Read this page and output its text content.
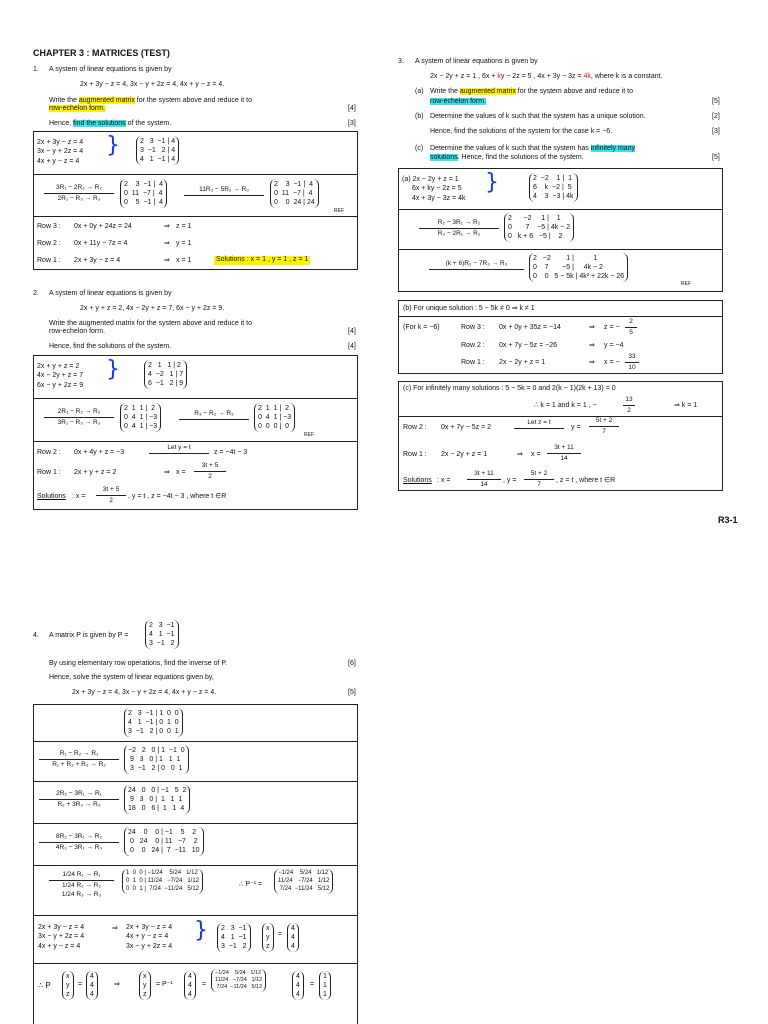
CHAPTER 3 : MATRICES (TEST)
1. A system of linear equations is given by
2x + 3y − z = 4, 3x − y + 2z = 4, 4x + y − z = 4.
Write the augmented matrix for the system above and reduce it to
row-echelon form.	[4]
Hence, find the solutions of the system.	[3]
2x + 3y − z = 4
3x − y + 2z = 4
4x + y − z = 4
}	2   3  −1 | 4
3  −1   2 | 4
4   1  −1 | 4
3R₁ − 2R₂ → R₂
2R₁ − R₃ → R₃
2    3  −1 |  4
0  11  −7 |  4
0    5  −1 |  4
11R₃ − 5R₂ → R₃
2    3  −1 |  4
0  11  −7 |  4
0    0  24 | 24
REF
Row 3 : 0x + 0y + 24z = 24	⇒ z = 1
Row 2 : 0x + 11y − 7z = 4	⇒ y = 1
Row 1 : 2x + 3y − z = 4	⇒ x = 1	Solutions : x = 1 , y = 1 , z = 1
2. A system of linear equations is given by
2x + y + z = 2, 4x − 2y + z = 7, 6x − y + 2z = 9.
Write the augmented matrix for the system above and reduce it to
row-echelon form.	[4]
Hence, find the solutions of the system.	[4]
2x + y + z = 2
4x − 2y + z = 7
6x − y + 2z = 9
}	2   1   1 | 2
4  −2   1 | 7
6  −1   2 | 9
2R₁ − R₂ → R₂
3R₁ − R₃ → R₃
2  1  1 |  2
0  4  1 | −3
0  4  1 | −3
R₃ − R₂ → R₃
2  1  1 |  2
0  4  1 | −3
0  0  0 |  0
REF
Row 2 : 0x + 4y + z = −3
Let y = t
z = −4t − 3
Row 1 : 2x + y + z = 2	⇒ x =
3t + 5
2
Solutions : x =
3t + 5
2
, y = t , z = −4t − 3 , where t ∈R
3. A system of linear equations is given by
2x − 2y + z = 1 , 6x + ky − 2z = 5 , 4x + 3y − 3z = 4k, where k is a constant.
(a) Write the augmented matrix for the system above and reduce it to
row-echelon form.	[5]
(b) Determine the values of k such that the system has a unique solution.	[2]
Hence, find the solutions of the system for the case k = −6.	[3]
(c) Determine the values of k such that the system has infinitely many
solutions. Hence, find the solutions of the system.	[5]
(a) 2x − 2y + z = 1
6x + ky − 2z = 5
4x + 3y − 3z = 4k
}	2  −2    1 |  1
6    k  −2 |  5
4    3  −3 | 4k
R₂ − 3R₁ → R₂
R₃ − 2R₁ → R₂
2      −2     1 |    1
0       7    −5 | 4k − 2
0   k + 6   −5 |    2
(k + 6)R₂ − 7R₃ → R₃
2   −2        1 |          1
0    7       −5 |     4k − 2
0    0   5 − 5k | 4k² + 22k − 26
REF
(b) For unique solution : 5 − 5k ≠ 0 ⇒ k ≠ 1
(For k = −6)	Row 3 : 0x + 0y + 35z = −14	⇒ z = −
2
5
Row 2 : 0x + 7y − 5z = −26	⇒ y = −4
Row 1 : 2x − 2y + z = 1	⇒ x = −
33
10
(c) For infinitely many solutions : 5 − 5k = 0 and 2(k − 1)(2k + 13) = 0
∴ k = 1 and k = 1 , −
13
2
⇒ k = 1
Row 2 : 0x + 7y − 5z = 2
Let z = t
y =
5t + 2
7
Row 1 : 2x − 2y + z = 1	⇒ x =
3t + 11
14
Solutions : x =
3t + 11
14
, y =
5t + 2
7
, z = t , where t ∈R
R3-1
4. A matrix P is given by P =
2   3  −1
4   1  −1
3  −1   2
By using elementary row operations, find the inverse of P.	[6]
Hence, solve the system of linear equations given by,
2x + 3y − z = 4, 3x − y + 2z = 4, 4x + y − z = 4.	[5]
2   3  −1 | 1  0  0
4   1  −1 | 0  1  0
3  −1   2 | 0  0  1
R₁ − R₂ → R₁
R₁ + R₂ + R₃ → R₂
−2   2   0 | 1  −1  0
9   3   0 | 1   1  1
3  −1   2 | 0   0  1
2R₂ − 3R₁ → R₁
R₂ + 3R₃ → R₃
24   0   0 | −1   5  2
9   3   0 |  1   1  1
18   0   6 |  1   1  4
8R₂ − 3R₁ → R₂
4R₃ − 3R₁ → R₃
24    0    0 | −1    5    2
0   24    0 | 11   −7    2
0    0   24 |  7  −11   10
1/24 R₁ → R₁
1/24 R₂ → R₂
1/24 R₃ → R₃
1  0  0 | −1/24    5/24   1/12
0  1  0 | 11/24   −7/24   1/12
0  0  1 |  7/24  −11/24   5/12
∴ P⁻¹ =
−1/24    5/24   1/12
11/24   −7/24   1/12
7/24  −11/24   5/12
2x + 3y − z = 4
3x − y + 2z = 4
4x + y − z = 4
⇒ 2x + 3y − z = 4
4x + y − z = 4
3x − y + 2z = 4
}	2   3  −1
4   1  −1
3  −1   2
x
y
z
=
4
4
4
∴ P
x
y
z
=
4
4
4
⇒
x
y
z
= P⁻¹
4
4
4
=
−1/24    5/24   1/12
11/24   −7/24   1/12
7/24  −11/24   5/12
4
4
4
=
1
1
1
